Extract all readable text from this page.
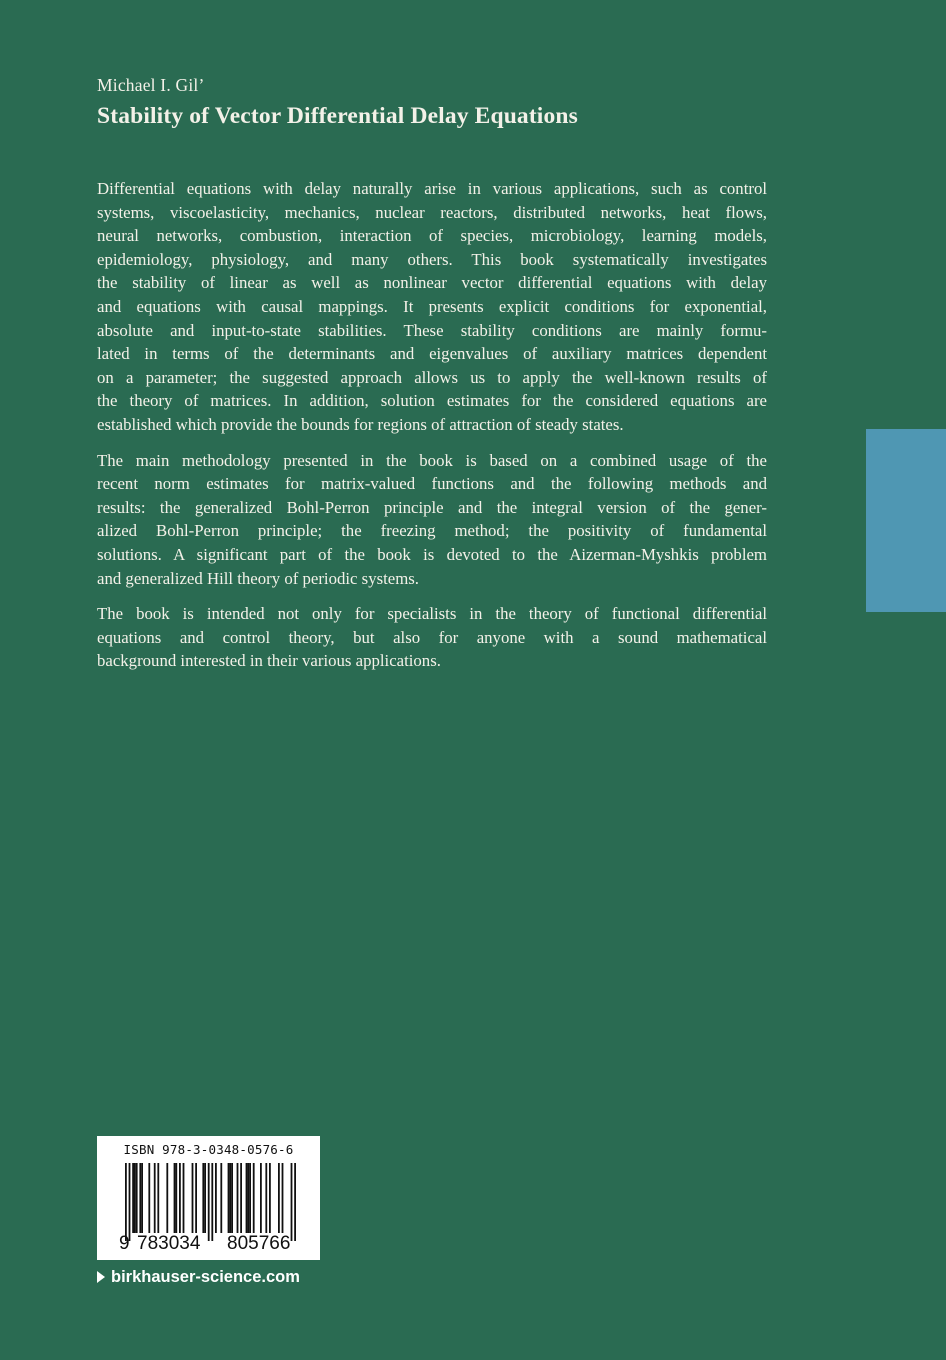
Michael I. Gil’
Stability of Vector Differential Delay Equations

Differential equations with delay naturally arise in various applications, such as control
systems, viscoelasticity, mechanics, nuclear reactors, distributed networks, heat flows,
neural networks, combustion, interaction of species, microbiology, learning models,
epidemiology, physiology, and many others. This book systematically investigates
the stability of linear as well as nonlinear vector differential equations with delay
and equations with causal mappings. It presents explicit conditions for exponential,
absolute and input-to-state stabilities. These stability conditions are mainly formu-
lated in terms of the determinants and eigenvalues of auxiliary matrices dependent
on a parameter; the suggested approach allows us to apply the well-known results of
the theory of matrices. In addition, solution estimates for the considered equations are
established which provide the bounds for regions of attraction of steady states.

The main methodology presented in the book is based on a combined usage of the
recent norm estimates for matrix-valued functions and the following methods and
results: the generalized Bohl-Perron principle and the integral version of the gener-
alized Bohl-Perron principle; the freezing method; the positivity of fundamental
solutions. A significant part of the book is devoted to the Aizerman-Myshkis problem
and generalized Hill theory of periodic systems.

The book is intended not only for specialists in the theory of functional differential
equations and control theory, but also for anyone with a sound mathematical
background interested in their various applications.

ISBN 978-3-0348-0576-6
9 783034 805766
birkhauser-science.com
